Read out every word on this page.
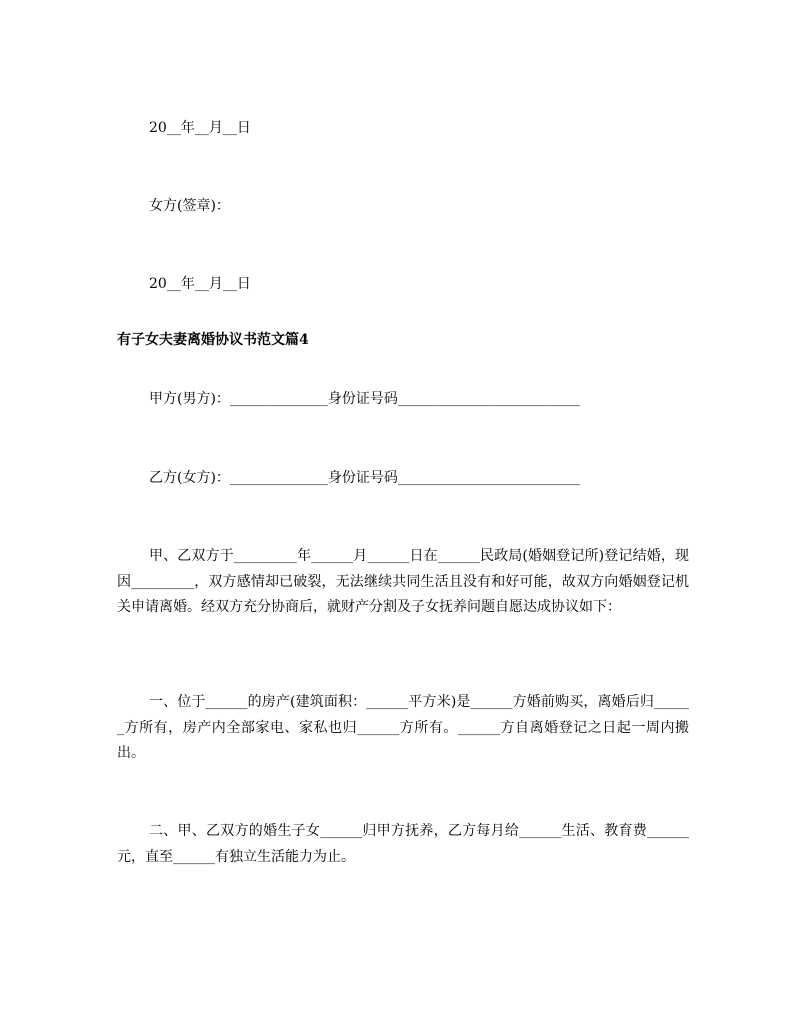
20__年__月__日
女方(签章)：
20__年__月__日
有子女夫妻离婚协议书范文篇4
甲方(男方)：______________身份证号码__________________________
乙方(女方)：______________身份证号码__________________________
甲、乙双方于_________年______月______日在______民政局(婚姻登记所)登记结婚，现因_________，双方感情却已破裂，无法继续共同生活且没有和好可能，故双方向婚姻登记机关申请离婚。经双方充分协商后，就财产分割及子女抚养问题自愿达成协议如下：
一、位于______的房产(建筑面积：______平方米)是______方婚前购买，离婚后归______方所有，房产内全部家电、家私也归______方所有。______方自离婚登记之日起一周内搬出。
二、甲、乙双方的婚生子女______归甲方抚养，乙方每月给______生活、教育费______元，直至______有独立生活能力为止。
